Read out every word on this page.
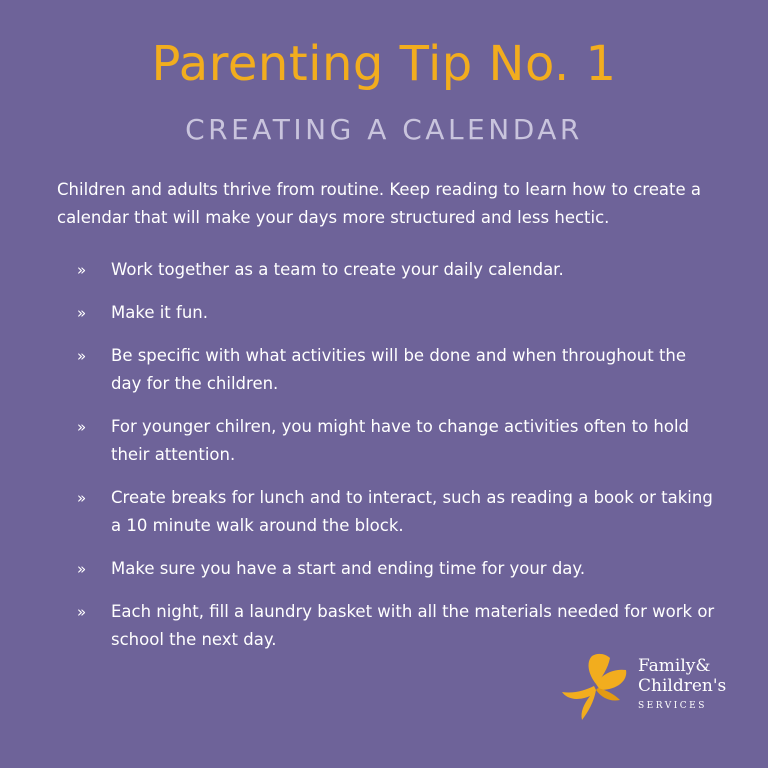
Parenting Tip No. 1
CREATING A CALENDAR

Children and adults thrive from routine. Keep reading to learn how to create a calendar that will make your days more structured and less hectic.

»	Work together as a team to create your daily calendar.
»	Make it fun.
»	Be specific with what activities will be done and when throughout the day for the children.
»	For younger chilren, you might have to change activities often to hold their attention.
»	Create breaks for lunch and to interact, such as reading a book or taking a 10 minute walk around the block.
»	Make sure you have a start and ending time for your day.
»	Each night, fill a laundry basket with all the materials needed for work or school the next day.
Family&
Children's
SERVICES
